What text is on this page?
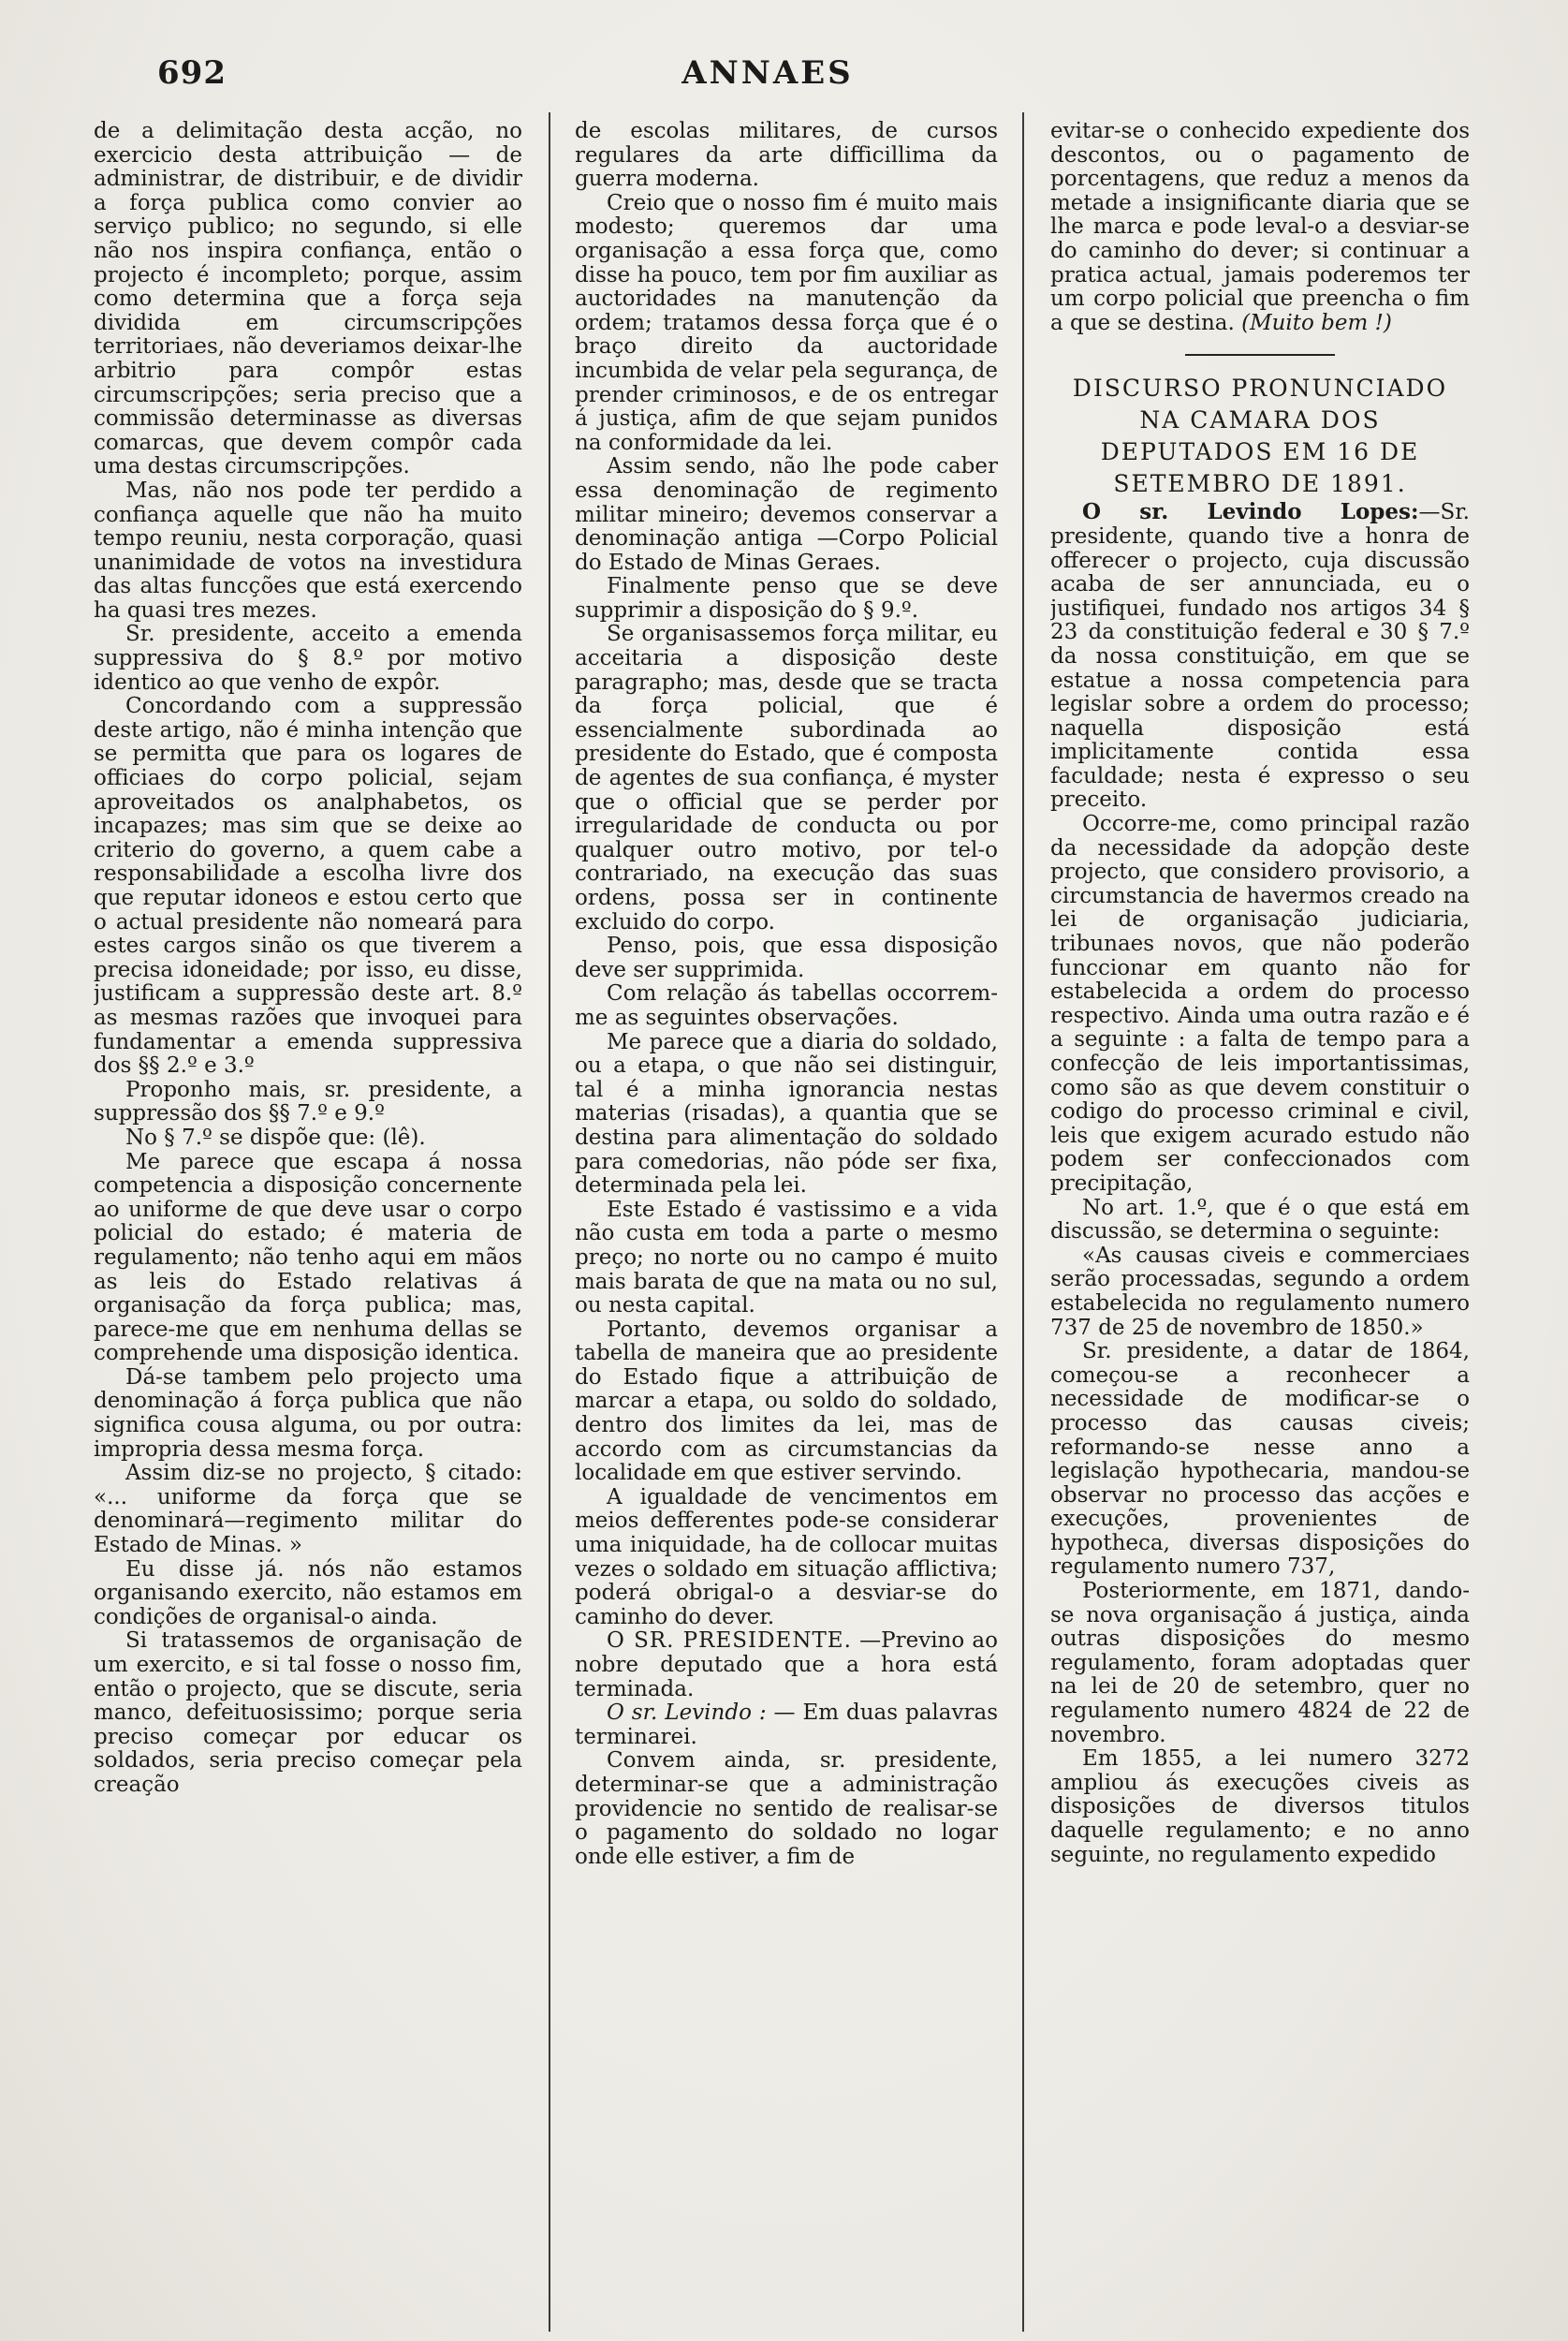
692	ANNAES

de a delimitação desta acção, no exercicio desta attribuição — de administrar, de distribuir, e de dividir a força publica como convier ao serviço publico; no segundo, si elle não nos inspira confiança, então o projecto é incompleto; porque, assim como determina que a força seja dividida em circumscripções territoriaes, não deveriamos deixar-lhe arbitrio para compôr estas circumscripções; seria preciso que a commissão determinasse as diversas comarcas, que devem compôr cada uma destas circumscripções.

Mas, não nos pode ter perdido a confiança aquelle que não ha muito tempo reuniu, nesta corporação, quasi unanimidade de votos na investidura das altas funcções que está exercendo ha quasi tres mezes.

Sr. presidente, acceito a emenda suppressiva do § 8.º por motivo identico ao que venho de expôr.

Concordando com a suppressão deste artigo, não é minha intenção que se permitta que para os logares de officiaes do corpo policial, sejam aproveitados os analphabetos, os incapazes; mas sim que se deixe ao criterio do governo, a quem cabe a responsabilidade a escolha livre dos que reputar idoneos e estou certo que o actual presidente não nomeará para estes cargos sinão os que tiverem a precisa idoneidade; por isso, eu disse, justificam a suppressão deste art. 8.º as mesmas razões que invoquei para fundamentar a emenda suppressiva dos §§ 2.º e 3.º

Proponho mais, sr. presidente, a suppressão dos §§ 7.º e 9.º

No § 7.º se dispõe que: (lê).

Me parece que escapa á nossa competencia a disposição concernente ao uniforme de que deve usar o corpo policial do estado; é materia de regulamento; não tenho aqui em mãos as leis do Estado relativas á organisação da força publica; mas, parece-me que em nenhuma dellas se comprehende uma disposição identica.

Dá-se tambem pelo projecto uma denominação á força publica que não significa cousa alguma, ou por outra: impropria dessa mesma força.

Assim diz-se no projecto, § citado: «... uniforme da força que se denominará—regimento militar do Estado de Minas. »

Eu disse já. nós não estamos organisando exercito, não estamos em condições de organisal-o ainda.

Si tratassemos de organisação de um exercito, e si tal fosse o nosso fim, então o projecto, que se discute, seria manco, defeituosissimo; porque seria preciso começar por educar os soldados, seria preciso começar pela creação

de escolas militares, de cursos regulares da arte difficillima da guerra moderna.

Creio que o nosso fim é muito mais modesto; queremos dar uma organisação a essa força que, como disse ha pouco, tem por fim auxiliar as auctoridades na manutenção da ordem; tratamos dessa força que é o braço direito da auctoridade incumbida de velar pela segurança, de prender criminosos, e de os entregar á justiça, afim de que sejam punidos na conformidade da lei.

Assim sendo, não lhe pode caber essa denominação de regimento militar mineiro; devemos conservar a denominação antiga —Corpo Policial do Estado de Minas Geraes.

Finalmente penso que se deve supprimir a disposição do § 9.º.

Se organisassemos força militar, eu acceitaria a disposição deste paragrapho; mas, desde que se tracta da força policial, que é essencialmente subordinada ao presidente do Estado, que é composta de agentes de sua confiança, é myster que o official que se perder por irregularidade de conducta ou por qualquer outro motivo, por tel-o contrariado, na execução das suas ordens, possa ser in continente excluido do corpo.

Penso, pois, que essa disposição deve ser supprimida.

Com relação ás tabellas occorrem-me as seguintes observações.

Me parece que a diaria do soldado, ou a etapa, o que não sei distinguir, tal é a minha ignorancia nestas materias (risadas), a quantia que se destina para alimentação do soldado para comedorias, não póde ser fixa, determinada pela lei.

Este Estado é vastissimo e a vida não custa em toda a parte o mesmo preço; no norte ou no campo é muito mais barata de que na mata ou no sul, ou nesta capital.

Portanto, devemos organisar a tabella de maneira que ao presidente do Estado fique a attribuição de marcar a etapa, ou soldo do soldado, dentro dos limites da lei, mas de accordo com as circumstancias da localidade em que estiver servindo.

A igualdade de vencimentos em meios defferentes pode-se considerar uma iniquidade, ha de collocar muitas vezes o soldado em situação afflictiva; poderá obrigal-o a desviar-se do caminho do dever.

O SR. PRESIDENTE. —Previno ao nobre deputado que a hora está terminada.

O sr. Levindo : — Em duas palavras terminarei.

Convem ainda, sr. presidente, determinar-se que a administração providencie no sentido de realisar-se o pagamento do soldado no logar onde elle estiver, a fim de

evitar-se o conhecido expediente dos descontos, ou o pagamento de porcentagens, que reduz a menos da metade a insignificante diaria que se lhe marca e pode leval-o a desviar-se do caminho do dever; si continuar a pratica actual, jamais poderemos ter um corpo policial que preencha o fim a que se destina. (Muito bem !)

DISCURSO PRONUNCIADO NA CAMARA DOS DEPUTADOS EM 16 DE SETEMBRO DE 1891.

O sr. Levindo Lopes:—Sr. presidente, quando tive a honra de offerecer o projecto, cuja discussão acaba de ser annunciada, eu o justifiquei, fundado nos artigos 34 § 23 da constituição federal e 30 § 7.º da nossa constituição, em que se estatue a nossa competencia para legislar sobre a ordem do processo; naquella disposição está implicitamente contida essa faculdade; nesta é expresso o seu preceito.

Occorre-me, como principal razão da necessidade da adopção deste projecto, que considero provisorio, a circumstancia de havermos creado na lei de organisação judiciaria, tribunaes novos, que não poderão funccionar em quanto não for estabelecida a ordem do processo respectivo. Ainda uma outra razão e é a seguinte : a falta de tempo para a confecção de leis importantissimas, como são as que devem constituir o codigo do processo criminal e civil, leis que exigem acurado estudo não podem ser confeccionados com precipitação,

No art. 1.º, que é o que está em discussão, se determina o seguinte:

«As causas civeis e commerciaes serão processadas, segundo a ordem estabelecida no regulamento numero 737 de 25 de novembro de 1850.»

Sr. presidente, a datar de 1864, começou-se a reconhecer a necessidade de modificar-se o processo das causas civeis; reformando-se nesse anno a legislação hypothecaria, mandou-se observar no processo das acções e execuções, provenientes de hypotheca, diversas disposições do regulamento numero 737,

Posteriormente, em 1871, dando-se nova organisação á justiça, ainda outras disposições do mesmo regulamento, foram adoptadas quer na lei de 20 de setembro, quer no regulamento numero 4824 de 22 de novembro.

Em 1855, a lei numero 3272 ampliou ás execuções civeis as disposições de diversos titulos daquelle regulamento; e no anno seguinte, no regulamento expedido
